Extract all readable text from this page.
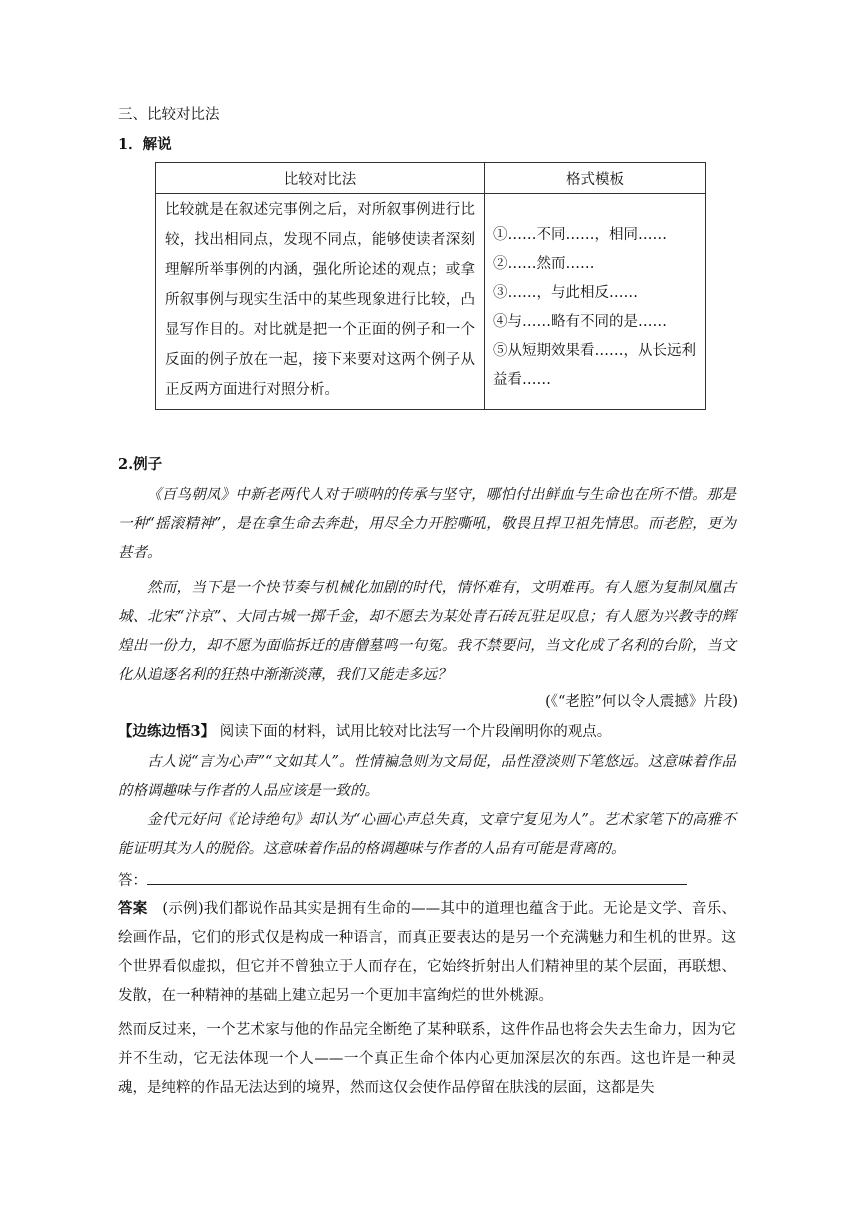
三、比较对比法
1．解说
比较对比法	格式模板
比较就是在叙述完事例之后，对所叙事例进行比较，找出相同点，发现不同点，能够使读者深刻理解所举事例的内涵，强化所论述的观点；或拿所叙事例与现实生活中的某些现象进行比较，凸显写作目的。对比就是把一个正面的例子和一个反面的例子放在一起，接下来要对这两个例子从正反两方面进行对照分析。	①……不同……，相同……
②……然而……
③……，与此相反……
④与……略有不同的是……
⑤从短期效果看……，从长远利益看……
2.例子
《百鸟朝凤》中新老两代人对于唢呐的传承与坚守，哪怕付出鲜血与生命也在所不惜。那是一种“摇滚精神”，是在拿生命去奔赴，用尽全力开腔嘶吼，敬畏且捍卫祖先情思。而老腔，更为甚者。
然而，当下是一个快节奏与机械化加剧的时代，情怀难有，文明难再。有人愿为复制凤凰古城、北宋“汴京”、大同古城一掷千金，却不愿去为某处青石砖瓦驻足叹息；有人愿为兴教寺的辉煌出一份力，却不愿为面临拆迁的唐僧墓鸣一句冤。我不禁要问，当文化成了名利的台阶，当文化从追逐名利的狂热中渐渐淡薄，我们又能走多远？
(《“老腔”何以令人震撼》片段)
【边练边悟3】 阅读下面的材料，试用比较对比法写一个片段阐明你的观点。
古人说“言为心声”“文如其人”。性情褊急则为文局促，品性澄淡则下笔悠远。这意味着作品的格调趣味与作者的人品应该是一致的。
金代元好问《论诗绝句》却认为“心画心声总失真，文章宁复见为人”。艺术家笔下的高雅不能证明其为人的脱俗。这意味着作品的格调趣味与作者的人品有可能是背离的。
答：
答案　 (示例)我们都说作品其实是拥有生命的——其中的道理也蕴含于此。无论是文学、音乐、绘画作品，它们的形式仅是构成一种语言，而真正要表达的是另一个充满魅力和生机的世界。这个世界看似虚拟，但它并不曾独立于人而存在，它始终折射出人们精神里的某个层面，再联想、发散，在一种精神的基础上建立起另一个更加丰富绚烂的世外桃源。
然而反过来，一个艺术家与他的作品完全断绝了某种联系，这件作品也将会失去生命力，因为它并不生动，它无法体现一个人——一个真正生命个体内心更加深层次的东西。这也许是一种灵魂，是纯粹的作品无法达到的境界，然而这仅会使作品停留在肤浅的层面，这都是失
